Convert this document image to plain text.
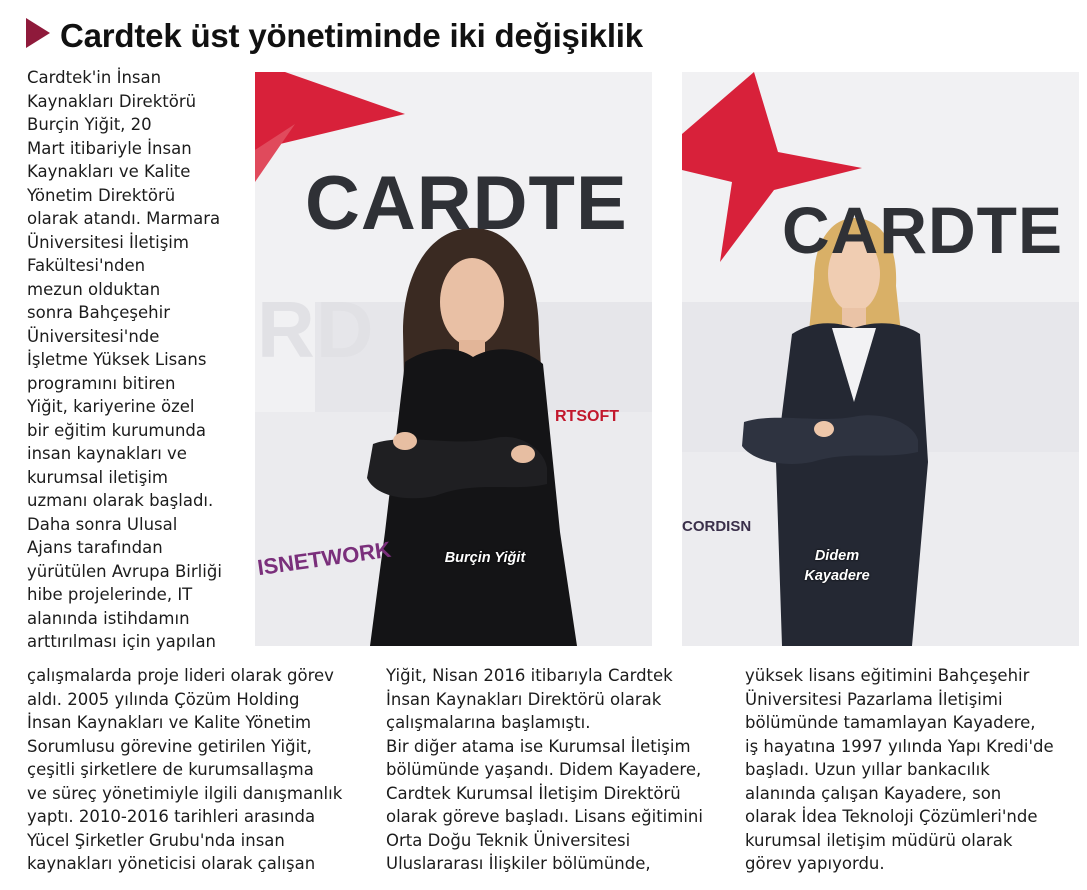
Cardtek üst yönetiminde iki değişiklik

Cardtek'in İnsan
Kaynakları Direktörü
Burçin Yiğit, 20
Mart itibariyle İnsan
Kaynakları ve Kalite
Yönetim Direktörü
olarak atandı. Marmara
Üniversitesi İletişim
Fakültesi'nden
mezun olduktan
sonra Bahçeşehir
Üniversitesi'nde
İşletme Yüksek Lisans
programını bitiren
Yiğit, kariyerine özel
bir eğitim kurumunda
insan kaynakları ve
kurumsal iletişim
uzmanı olarak başladı.
Daha sonra Ulusal
Ajans tarafından
yürütülen Avrupa Birliği
hibe projelerinde, IT
alanında istihdamın
arttırılması için yapılan

CARDTE
RD
ISNETWORK
RTSOFT
Burçin Yiğit
CARDTE
CORDISN
Didem
Kayadere

çalışmalarda proje lideri olarak görev
aldı. 2005 yılında Çözüm Holding
İnsan Kaynakları ve Kalite Yönetim
Sorumlusu görevine getirilen Yiğit,
çeşitli şirketlere de kurumsallaşma
ve süreç yönetimiyle ilgili danışmanlık
yaptı. 2010-2016 tarihleri arasında
Yücel Şirketler Grubu'nda insan
kaynakları yöneticisi olarak çalışan

Yiğit, Nisan 2016 itibarıyla Cardtek
İnsan Kaynakları Direktörü olarak
çalışmalarına başlamıştı.
Bir diğer atama ise Kurumsal İletişim
bölümünde yaşandı. Didem Kayadere,
Cardtek Kurumsal İletişim Direktörü
olarak göreve başladı. Lisans eğitimini
Orta Doğu Teknik Üniversitesi
Uluslararası İlişkiler bölümünde,

yüksek lisans eğitimini Bahçeşehir
Üniversitesi Pazarlama İletişimi
bölümünde tamamlayan Kayadere,
iş hayatına 1997 yılında Yapı Kredi'de
başladı. Uzun yıllar bankacılık
alanında çalışan Kayadere, son
olarak İdea Teknoloji Çözümleri'nde
kurumsal iletişim müdürü olarak
görev yapıyordu.
